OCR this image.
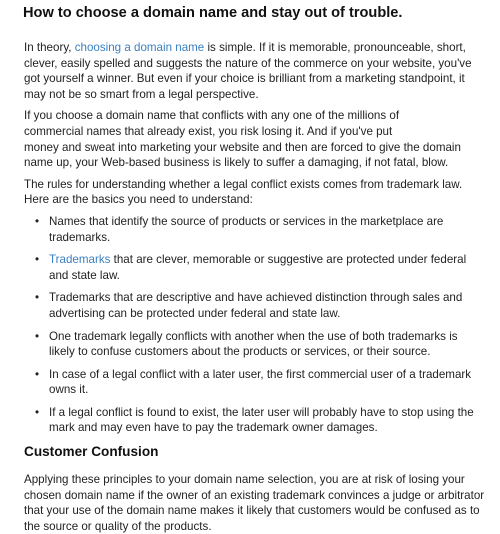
How to choose a domain name and stay out of trouble.

In theory, choosing a domain name is simple. If it is memorable, pronounceable, short, clever, easily spelled and suggests the nature of the commerce on your website, you've got yourself a winner. But even if your choice is brilliant from a marketing standpoint, it may not be so smart from a legal perspective.

If you choose a domain name that conflicts with any one of the millions of
commercial names that already exist, you risk losing it. And if you've put
money and sweat into marketing your website and then are forced to give the domain name up, your Web-based business is likely to suffer a damaging, if not fatal, blow.

The rules for understanding whether a legal conflict exists comes from trademark law. Here are the basics you need to understand:

• Names that identify the source of products or services in the marketplace are trademarks.
• Trademarks that are clever, memorable or suggestive are protected under federal and state law.
• Trademarks that are descriptive and have achieved distinction through sales and advertising can be protected under federal and state law.
• One trademark legally conflicts with another when the use of both trademarks is likely to confuse customers about the products or services, or their source.
• In case of a legal conflict with a later user, the first commercial user of a trademark owns it.
• If a legal conflict is found to exist, the later user will probably have to stop using the mark and may even have to pay the trademark owner damages.
Customer Confusion

Applying these principles to your domain name selection, you are at risk of losing your chosen domain name if the owner of an existing trademark convinces a judge or arbitrator that your use of the domain name makes it likely that customers would be confused as to the source or quality of the products.
